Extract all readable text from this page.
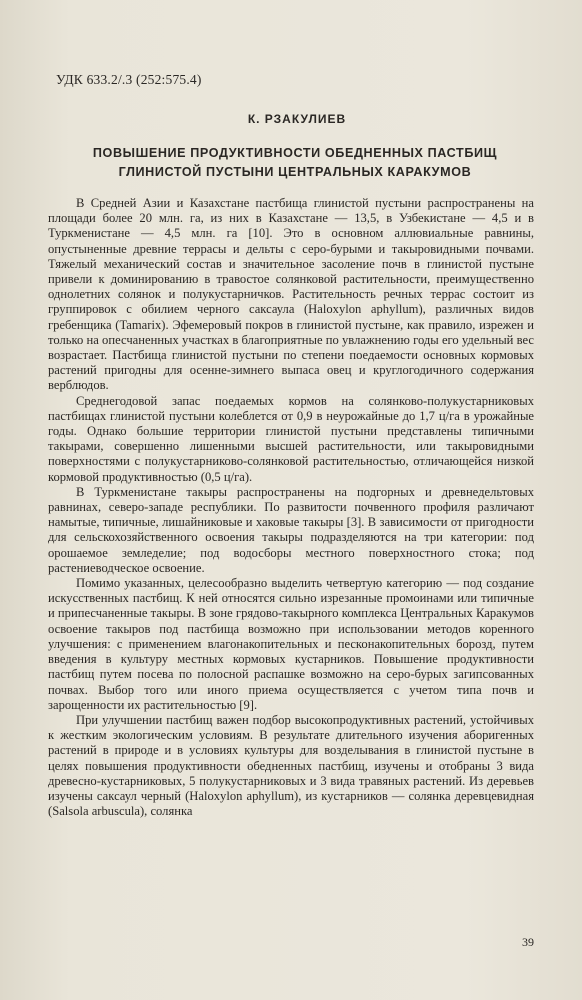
УДК 633.2/.3 (252:575.4)
К. РЗАКУЛИЕВ
ПОВЫШЕНИЕ ПРОДУКТИВНОСТИ ОБЕДНЕННЫХ ПАСТБИЩ
ГЛИНИСТОЙ ПУСТЫНИ ЦЕНТРАЛЬНЫХ КАРАКУМОВ

В Средней Азии и Казахстане пастбища глинистой пустыни распространены на площади более 20 млн. га, из них в Казахстане — 13,5, в Узбекистане — 4,5 и в Туркменистане — 4,5 млн. га [10]. Это в основном аллювиальные равнины, опустыненные древние террасы и дельты с серо-бурыми и такыровидными почвами. Тяжелый механический состав и значительное засоление почв в глинистой пустыне привели к доминированию в травостое солянковой растительности, преимущественно однолетних солянок и полукустарничков. Растительность речных террас состоит из группировок с обилием черного саксаула (Haloxylon aphyllum), различных видов гребенщика (Tamarix). Эфемеровый покров в глинистой пустыне, как правило, изрежен и только на опесчаненных участках в благоприятные по увлажнению годы его удельный вес возрастает. Пастбища глинистой пустыни по степени поедаемости основных кормовых растений пригодны для осенне-зимнего выпаса овец и круглогодичного содержания верблюдов.

Среднегодовой запас поедаемых кормов на солянково-полукустарниковых пастбищах глинистой пустыни колеблется от 0,9 в неурожайные до 1,7 ц/га в урожайные годы. Однако большие территории глинистой пустыни представлены типичными такырами, совершенно лишенными высшей растительности, или такыровидными поверхностями с полукустарниково-солянковой растительностью, отличающейся низкой кормовой продуктивностью (0,5 ц/га).

В Туркменистане такыры распространены на подгорных и древнедельтовых равнинах, северо-западе республики. По развитости почвенного профиля различают намытые, типичные, лишайниковые и хаковые такыры [3]. В зависимости от пригодности для сельскохозяйственного освоения такыры подразделяются на три категории: под орошаемое земледелие; под водосборы местного поверхностного стока; под растениеводческое освоение.

Помимо указанных, целесообразно выделить четвертую категорию — под создание искусственных пастбищ. К ней относятся сильно изрезанные промоинами или типичные и припесчаненные такыры. В зоне грядово-такырного комплекса Центральных Каракумов освоение такыров под пастбища возможно при использовании методов коренного улучшения: с применением влагонакопительных и песконакопительных борозд, путем введения в культуру местных кормовых кустарников. Повышение продуктивности пастбищ путем посева по полосной распашке возможно на серо-бурых загипсованных почвах. Выбор того или иного приема осуществляется с учетом типа почв и зарощенности их растительностью [9].

При улучшении пастбищ важен подбор высокопродуктивных растений, устойчивых к жестким экологическим условиям. В результате длительного изучения аборигенных растений в природе и в условиях культуры для возделывания в глинистой пустыне в целях повышения продуктивности обедненных пастбищ, изучены и отобраны 3 вида древесно-кустарниковых, 5 полукустарниковых и 3 вида травяных растений. Из деревьев изучены саксаул черный (Haloxylon aphyllum), из кустарников — солянка деревцевидная (Salsola arbuscula), солянка

39
